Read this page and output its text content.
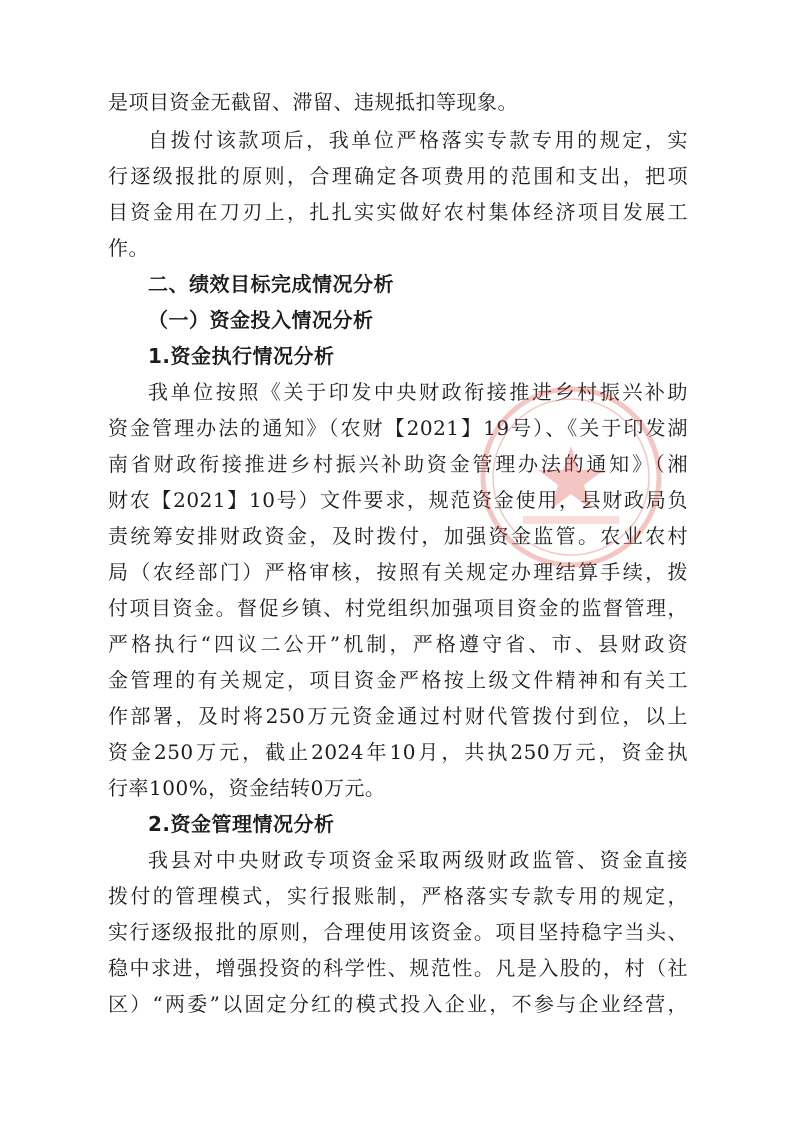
是项目资金无截留、滞留、违规抵扣等现象。
自拨付该款项后，我单位严格落实专款专用的规定，实
行逐级报批的原则，合理确定各项费用的范围和支出，把项
目资金用在刀刃上，扎扎实实做好农村集体经济项目发展工
作。
二、绩效目标完成情况分析
（一）资金投入情况分析
1.资金执行情况分析
我单位按照《关于印发中央财政衔接推进乡村振兴补助
资金管理办法的通知》（农财【2021】19号）、《关于印发湖
南省财政衔接推进乡村振兴补助资金管理办法的通知》（湘
财农【2021】10号）文件要求，规范资金使用，县财政局负
责统筹安排财政资金，及时拨付，加强资金监管。农业农村
局（农经部门）严格审核，按照有关规定办理结算手续，拨
付项目资金。督促乡镇、村党组织加强项目资金的监督管理，
严格执行“四议二公开”机制，严格遵守省、市、县财政资
金管理的有关规定，项目资金严格按上级文件精神和有关工
作部署，及时将250万元资金通过村财代管拨付到位，以上
资金250万元，截止2024年10月，共执250万元，资金执
行率100%，资金结转0万元。
2.资金管理情况分析
我县对中央财政专项资金采取两级财政监管、资金直接
拨付的管理模式，实行报账制，严格落实专款专用的规定，
实行逐级报批的原则，合理使用该资金。项目坚持稳字当头、
稳中求进，增强投资的科学性、规范性。凡是入股的，村（社
区）“两委”以固定分红的模式投入企业，不参与企业经营，
